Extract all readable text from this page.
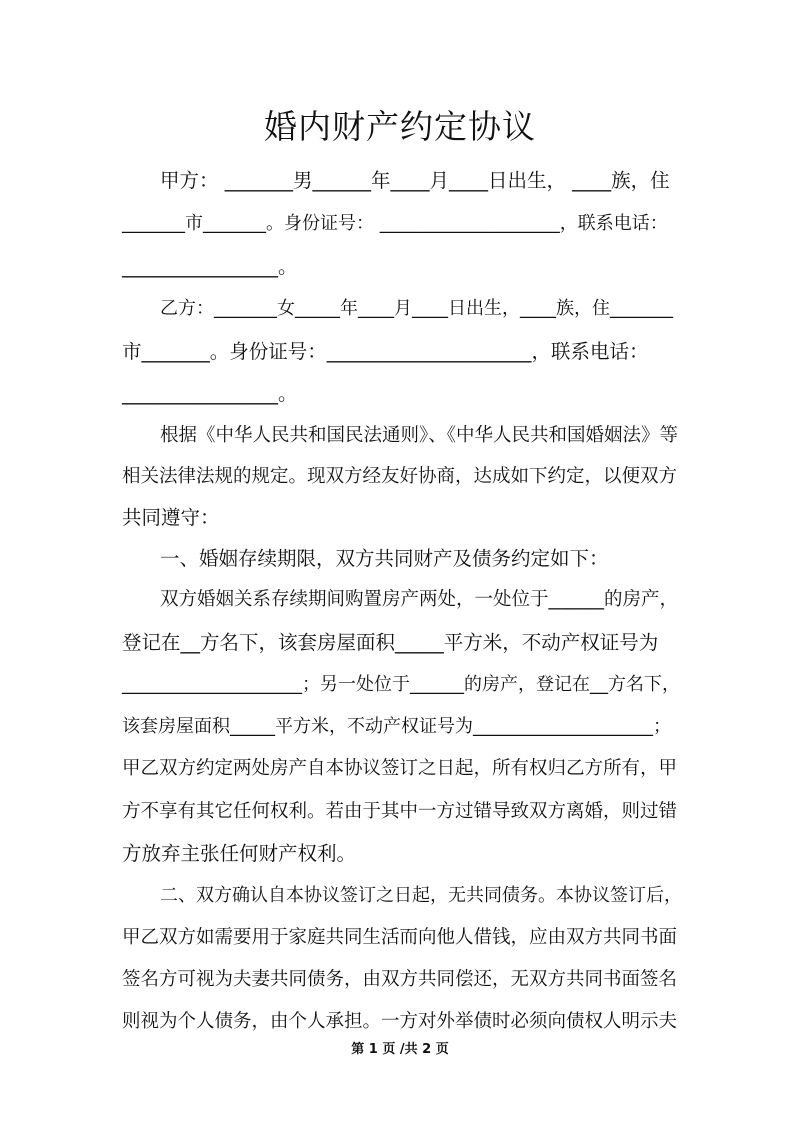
婚内财产约定协议

甲方： _______男______年____月____日出生， ____族，住

_______市_______。身份证号： ____________________，联系电话：

________________。

乙方：_______女_____年____月____日出生，____族，住_______

市_______。身份证号：_____________________，联系电话：

________________。

根据《中华人民共和国民法通则》、《中华人民共和国婚姻法》等

相关法律法规的规定。现双方经友好协商，达成如下约定，以便双方

共同遵守：

一、婚姻存续期限，双方共同财产及债务约定如下：

双方婚姻关系存续期间购置房产两处，一处位于______的房产，

登记在__方名下，该套房屋面积_____平方米，不动产权证号为

____________________；另一处位于______的房产，登记在__方名下，

该套房屋面积_____平方米，不动产权证号为____________________；

甲乙双方约定两处房产自本协议签订之日起，所有权归乙方所有，甲

方不享有其它任何权利。若由于其中一方过错导致双方离婚，则过错

方放弃主张任何财产权利。

二、双方确认自本协议签订之日起，无共同债务。本协议签订后，

甲乙双方如需要用于家庭共同生活而向他人借钱，应由双方共同书面

签名方可视为夫妻共同债务，由双方共同偿还，无双方共同书面签名

则视为个人债务，由个人承担。一方对外举债时必须向债权人明示夫

第 1 页 /共 2 页
